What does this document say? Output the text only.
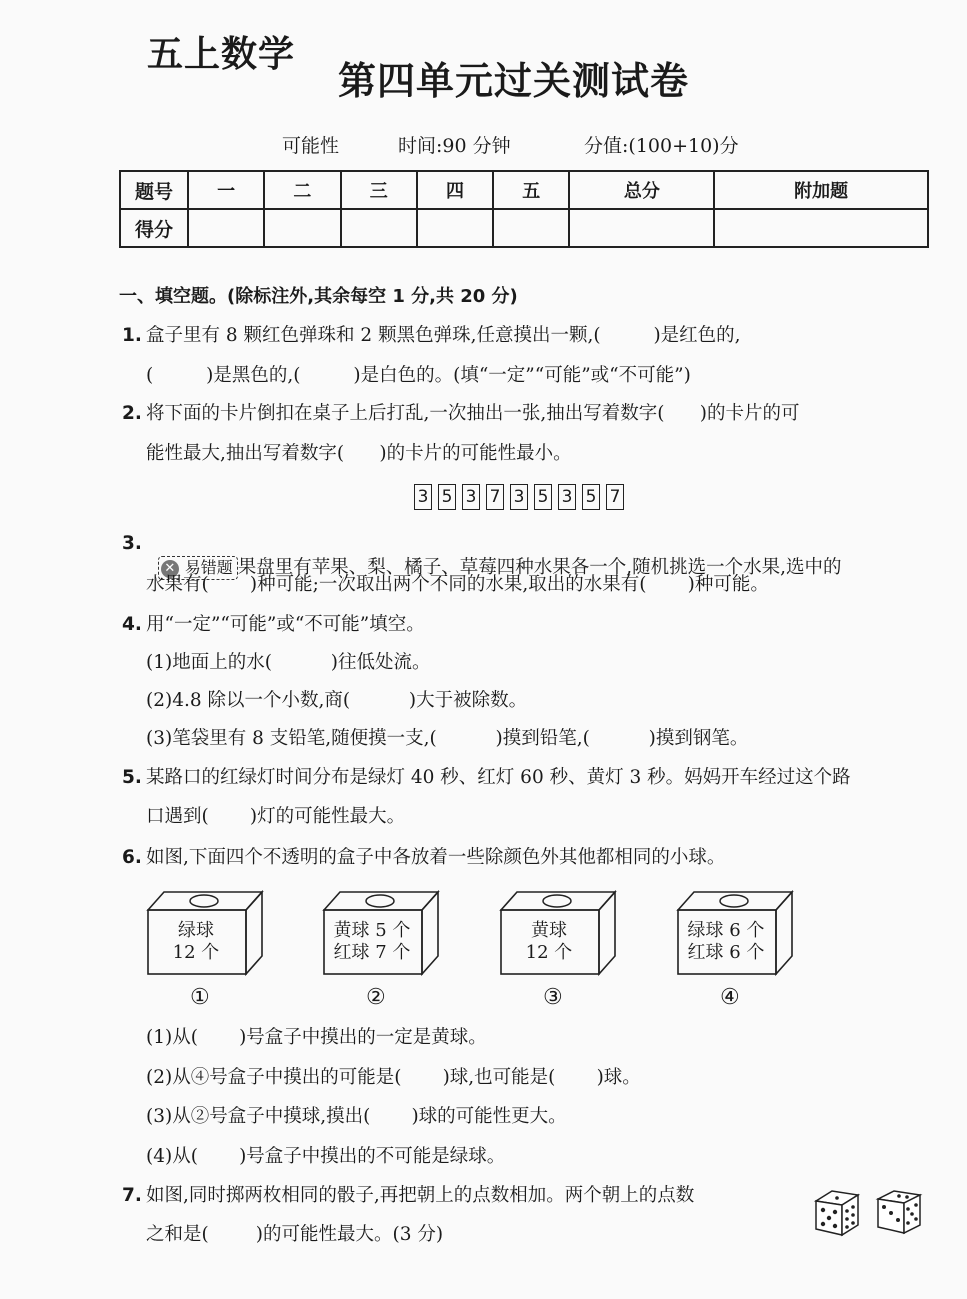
五上数学
第四单元过关测试卷
可能性	时间:90 分钟	分值:(100+10)分
题号	一	二	三	四	五	总分	附加题
得分							
一、填空题。(除标注外,其余每空 1 分,共 20 分)
1. 盒子里有 8 颗红色弹珠和 2 颗黑色弹珠,任意摸出一颗,(         )是红色的,
(         )是黑色的,(         )是白色的。(填“一定”“可能”或“不可能”)
2. 将下面的卡片倒扣在桌子上后打乱,一次抽出一张,抽出写着数字(      )的卡片的可
能性最大,抽出写着数字(      )的卡片的可能性最小。
3 5 3 7 3 5 3 5 7
3.

✕ 易错题 果盘里有苹果、梨、橘子、草莓四种水果各一个,随机挑选一个水果,选中的

水果有(       )种可能;一次取出两个不同的水果,取出的水果有(       )种可能。
4. 用“一定”“可能”或“不可能”填空。
(1)地面上的水(          )往低处流。
(2)4.8 除以一个小数,商(          )大于被除数。
(3)笔袋里有 8 支铅笔,随便摸一支,(          )摸到铅笔,(          )摸到钢笔。
5. 某路口的红绿灯时间分布是绿灯 40 秒、红灯 60 秒、黄灯 3 秒。妈妈开车经过这个路
口遇到(       )灯的可能性最大。
6. 如图,下面四个不透明的盒子中各放着一些除颜色外其他都相同的小球。
绿球
12 个
黄球 5 个
红球 7 个
黄球
12 个
绿球 6 个
红球 6 个
①	②	③	④
(1)从(       )号盒子中摸出的一定是黄球。
(2)从④号盒子中摸出的可能是(       )球,也可能是(       )球。
(3)从②号盒子中摸球,摸出(       )球的可能性更大。
(4)从(       )号盒子中摸出的不可能是绿球。
7. 如图,同时掷两枚相同的骰子,再把朝上的点数相加。两个朝上的点数
之和是(        )的可能性最大。(3 分)
